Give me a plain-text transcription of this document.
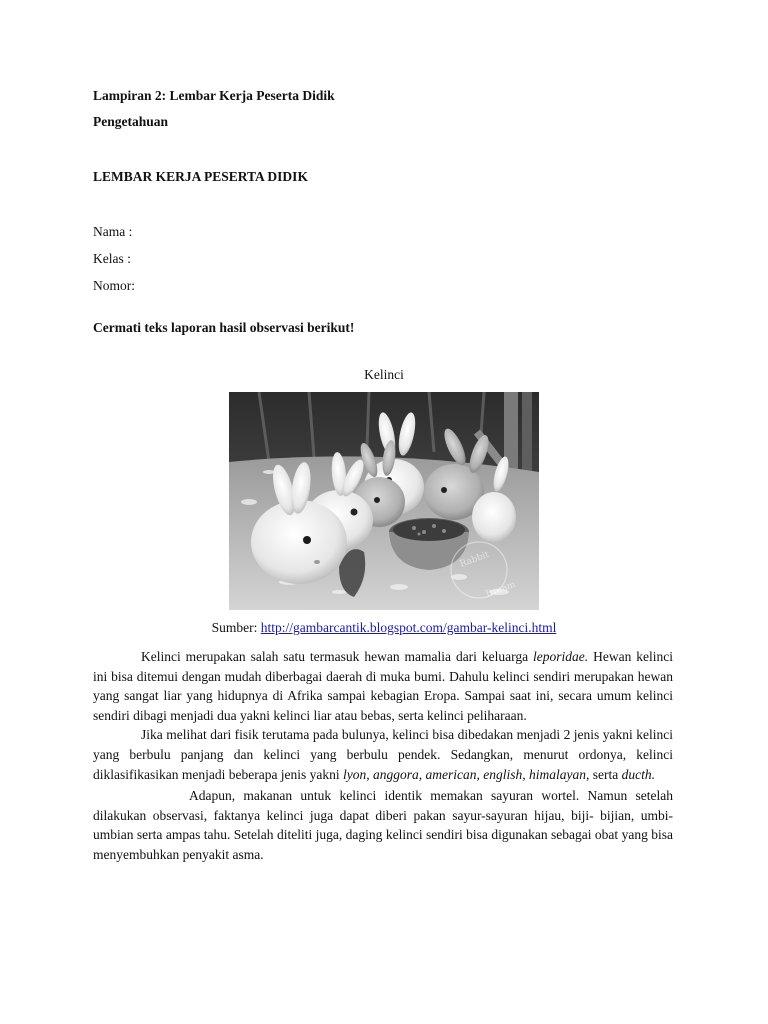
Lampiran 2: Lembar Kerja Peserta Didik
Pengetahuan
LEMBAR KERJA PESERTA DIDIK
Nama :
Kelas :
Nomor:
Cermati teks laporan hasil observasi berikut!
Kelinci
Rabbit
Dream
Sumber: http://gambarcantik.blogspot.com/gambar-kelinci.html

Kelinci merupakan salah satu termasuk hewan mamalia dari keluarga leporidae. Hewan kelinci ini bisa ditemui dengan mudah diberbagai daerah di muka bumi. Dahulu kelinci sendiri merupakan hewan yang sangat liar yang hidupnya di Afrika sampai kebagian Eropa. Sampai saat ini, secara umum kelinci sendiri dibagi menjadi dua yakni kelinci liar atau bebas, serta kelinci peliharaan.

Jika melihat dari fisik terutama pada bulunya, kelinci bisa dibedakan menjadi 2 jenis yakni kelinci yang berbulu panjang dan kelinci yang berbulu pendek. Sedangkan, menurut ordonya, kelinci diklasifikasikan menjadi beberapa jenis yakni lyon, anggora, american, english, himalayan, serta ducth.

Adapun, makanan untuk kelinci identik memakan sayuran wortel. Namun setelah dilakukan observasi, faktanya kelinci juga dapat diberi pakan sayur-sayuran hijau, biji- bijian, umbi-umbian serta ampas tahu. Setelah diteliti juga, daging kelinci sendiri bisa digunakan sebagai obat yang bisa menyembuhkan penyakit asma.
